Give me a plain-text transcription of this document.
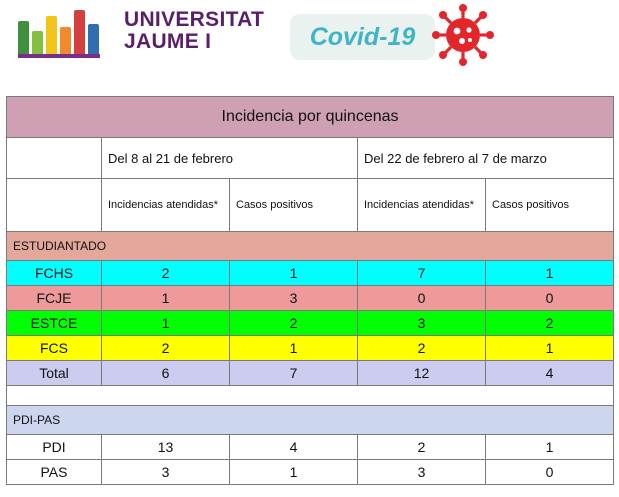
UNIVERSITAT
JAUME I	Covid-19
Incidencia por quincenas				
	Del 8 al 21 de febrero		Del 22 de febrero al 7 de marzo	
	Incidencias atendidas*	Casos positivos	Incidencias atendidas*	Casos positivos
ESTUDIANTADO				
FCHS	2	1	7	1
FCJE	1	3	0	0
ESTCE	1	2	3	2
FCS	2	1	2	1
Total	6	7	12	4

PDI-PAS				
PDI	13	4	2	1
PAS	3	1	3	0
